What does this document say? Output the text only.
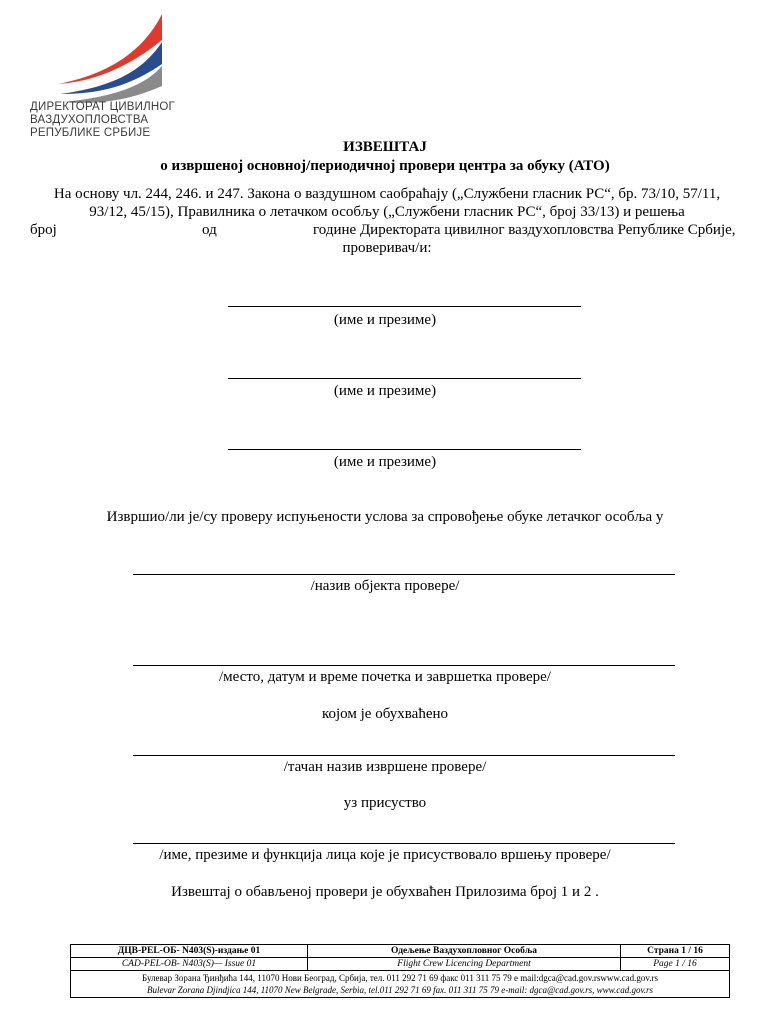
ДИРЕКТОРАТ ЦИВИЛНОГ
ВАЗДУХОПЛОВСТВА
РЕПУБЛИКЕ СРБИЈЕ
ИЗВЕШТАЈ
о извршеној основној/периодичној провери центра за обуку (АТО)
На основу чл. 244, 246. и 247. Закона о ваздушном саобраћају („Службени гласник РС“, бр. 73/10, 57/11,
93/12, 45/15), Правилника о летачком особљу („Службени гласник РС“, број 33/13) и решења
број	од	године Директората цивилног ваздухопловства Републике Србије,
проверивач/и:
(име и презиме)
(име и презиме)
(име и презиме)
Извршио/ли је/су проверу испуњености услова за спровођење обуке летачког особља у
/назив објекта провере/
/место, датум и време почетка и завршетка провере/
којом је обухваћено
/тачан назив извршене провере/
уз присуство
/име, презиме и функција лица које је присуствовало вршењу провере/
Извештај о обављеној провери је обухваћен Прилозима број 1 и 2 .
ДЦВ-PEL-ОБ- N403(S)-издање 01	Одељење Ваздухопловног Особља	Страна 1 / 16
CAD-PEL-OB- N403(S)— Issue 01	Flight Crew Licencing Department	Page 1 / 16

Булевар Зорана Ђинђића 144, 11070 Нови Београд, Србија, тел. 011 292 71 69 факс 011 311 75 79 e mail:dgca@cad.gov.rswww.cad.gov.rs
Bulevar Zorana Djindjica 144, 11070 New Belgrade, Serbia, tel.011 292 71 69 fax. 011 311 75 79 e-mail: dgca@cad.gov.rs, www.cad.gov.rs		
